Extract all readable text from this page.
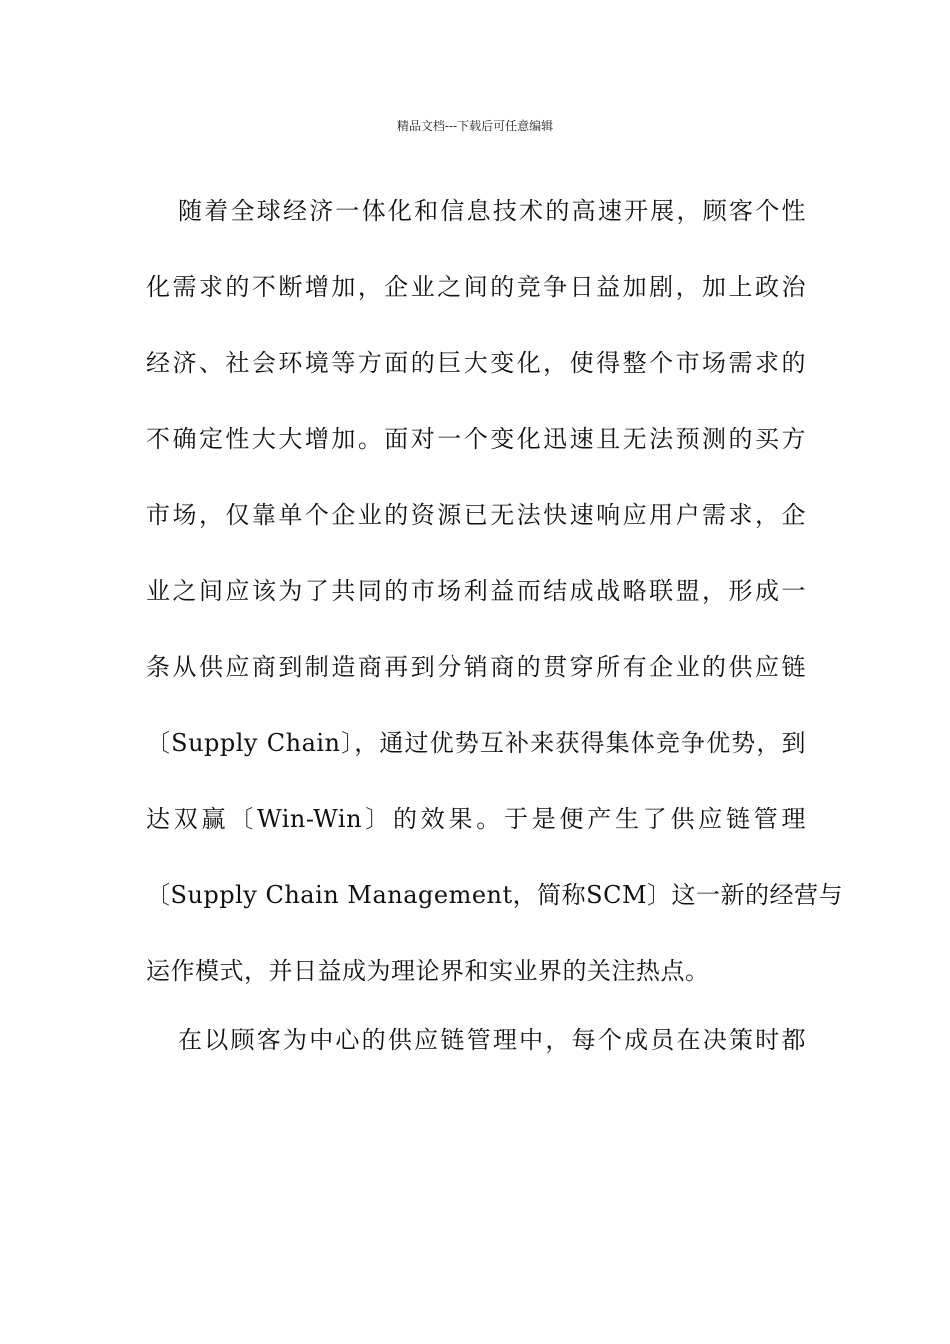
精品文档---下载后可任意编辑
随着全球经济一体化和信息技术的高速开展，顾客个性
化需求的不断增加，企业之间的竞争日益加剧，加上政治
经济、社会环境等方面的巨大变化，使得整个市场需求的
不确定性大大增加。面对一个变化迅速且无法预测的买方
市场，仅靠单个企业的资源已无法快速响应用户需求，企
业之间应该为了共同的市场利益而结成战略联盟，形成一
条从供应商到制造商再到分销商的贯穿所有企业的供应链
〔Supply Chain〕，通过优势互补来获得集体竞争优势，到
达双赢〔Win-Win〕的效果。于是便产生了供应链管理
〔Supply Chain Management，简称SCM〕这一新的经营与
运作模式，并日益成为理论界和实业界的关注热点。
在以顾客为中心的供应链管理中，每个成员在决策时都
